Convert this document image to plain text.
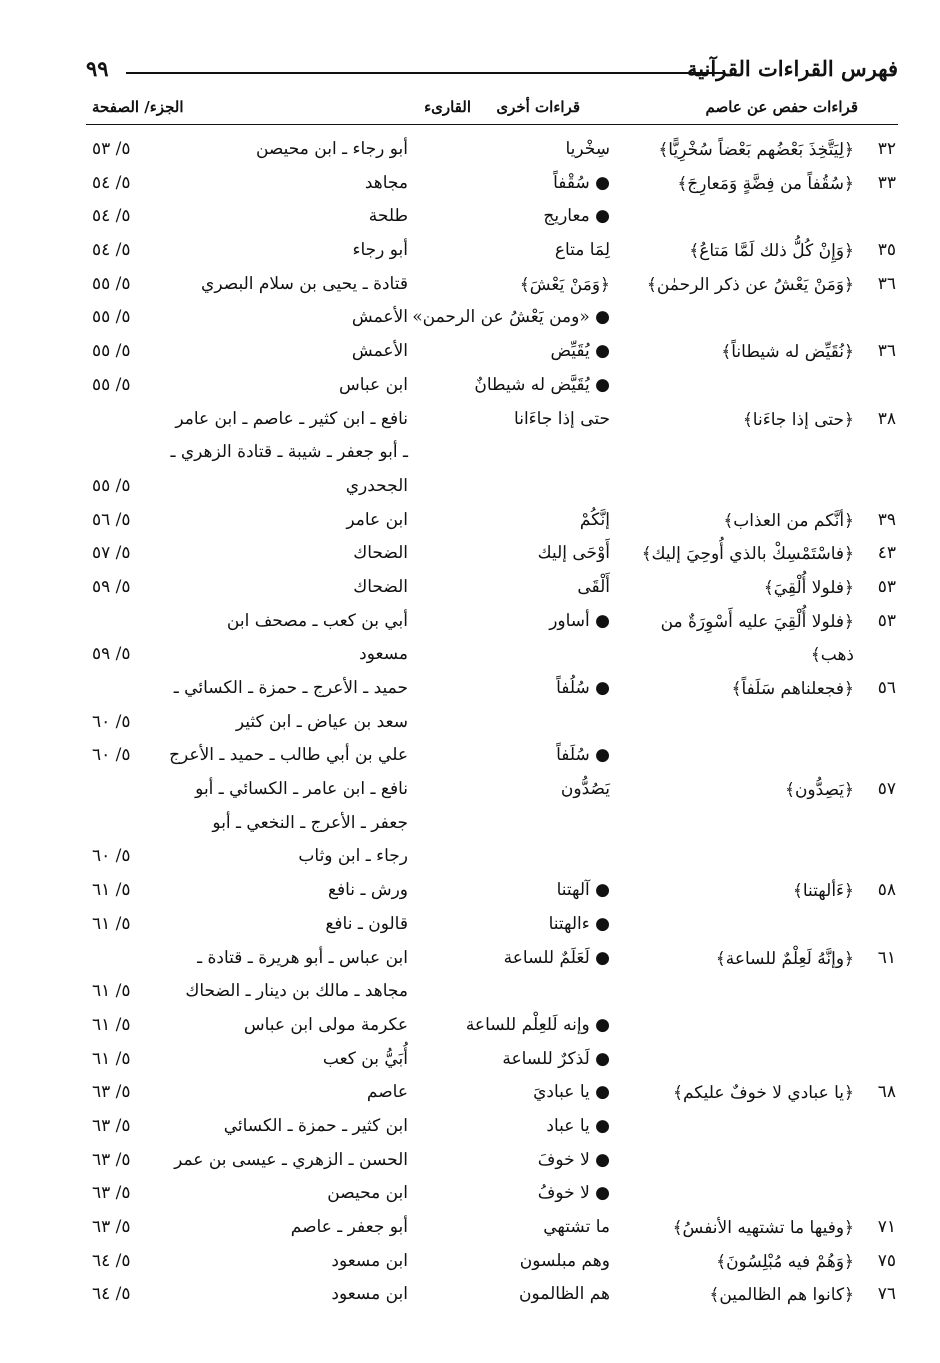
فهرس القراءات القرآنية
٩٩
قراءات حفص عن عاصم
قراءات أخرى
القارىء
الجزء/ الصفحة
٣٢
﴿لِيَتَّخِذَ بَعْضُهم بَعْضاً سُخْرِيًّا﴾
سِخْريا
أبو رجاء ـ ابن محيصن
٥/ ٥٣
٣٣
﴿سُقُفاً من فِضَّةٍ وَمَعارِجَ﴾
● سُقْفاً
مجاهد
٥/ ٥٤
● معاريج
طلحة
٥/ ٥٤
٣٥
﴿وَإِنْ كُلُّ ذلك لَمَّا مَتاعُ﴾
لِمَا متاع
أبو رجاء
٥/ ٥٤
٣٦
﴿وَمَنْ يَعْشُ عن ذكر الرحمٰن﴾
﴿وَمَنْ يَعْشَ﴾
قتادة ـ يحيى بن سلام البصري
٥/ ٥٥
● «ومن يَعْشُ عن الرحمن»
الأعمش
٥/ ٥٥
٣٦
﴿نُقَيِّض له شيطاناً﴾
● يُقَيِّض
الأعمش
٥/ ٥٥
● يُقَيَّض له شيطانٌ
ابن عباس
٥/ ٥٥
٣٨
﴿حتى إذا جاءَنا﴾
حتى إذا جاءَانا
نافع ـ ابن كثير ـ عاصم ـ ابن عامر
ـ أبو جعفر ـ شيبة ـ قتادة الزهري ـ
الجحدري
٥/ ٥٥
٣٩
﴿أنَّكم من العذاب﴾
إنَّكُمْ
ابن عامر
٥/ ٥٦
٤٣
﴿فاسْتَمْسِكْ بالذي أُوحِيَ إليك﴾
أَوْحَى إليك
الضحاك
٥/ ٥٧
٥٣
﴿فلولا أُلْقِيَ﴾
أَلْقَى
الضحاك
٥/ ٥٩
٥٣
﴿فلولا أُلْقِيَ عليه أَسْوِرَةٌ من
● أساور
أبي بن كعب ـ مصحف ابن
ذهب﴾
مسعود
٥/ ٥٩
٥٦
﴿فجعلناهم سَلَفاً﴾
● سُلُفاً
حميد ـ الأعرج ـ حمزة ـ الكسائي ـ
سعد بن عياض ـ ابن كثير
٥/ ٦٠
● سُلَفاً
علي بن أبي طالب ـ حميد ـ الأعرج
٥/ ٦٠
٥٧
﴿يَصِدُّون﴾
يَصُدُّون
نافع ـ ابن عامر ـ الكسائي ـ أبو
جعفر ـ الأعرج ـ النخعي ـ أبو
رجاء ـ ابن وثاب
٥/ ٦٠
٥٨
﴿ءَألهتنا﴾
● آلهتنا
ورش ـ نافع
٥/ ٦١
● ءالهتنا
قالون ـ نافع
٥/ ٦١
٦١
﴿وإنَّهُ لَعِلْمٌ للساعة﴾
● لَعَلَمٌ للساعة
ابن عباس ـ أبو هريرة ـ قتادة ـ
مجاهد ـ مالك بن دينار ـ الضحاك
٥/ ٦١
● وإنه لَلعِلْم للساعة
عكرمة مولى ابن عباس
٥/ ٦١
● لَذكرٌ للساعة
أُبَيُّ بن كعب
٥/ ٦١
٦٨
﴿يا عبادي لا خوفٌ عليكم﴾
● يا عباديَ
عاصم
٥/ ٦٣
● يا عباد
ابن كثير ـ حمزة ـ الكسائي
٥/ ٦٣
● لا خوفَ
الحسن ـ الزهري ـ عيسى بن عمر
٥/ ٦٣
● لا خوفُ
ابن محيصن
٥/ ٦٣
٧١
﴿وفيها ما تشتهيه الأنفسُ﴾
ما تشتهي
أبو جعفر ـ عاصم
٥/ ٦٣
٧٥
﴿وَهُمْ فيه مُبْلِسُونَ﴾
وهم مبلسون
ابن مسعود
٥/ ٦٤
٧٦
﴿كانوا هم الظالمين﴾
هم الظالمون
ابن مسعود
٥/ ٦٤
